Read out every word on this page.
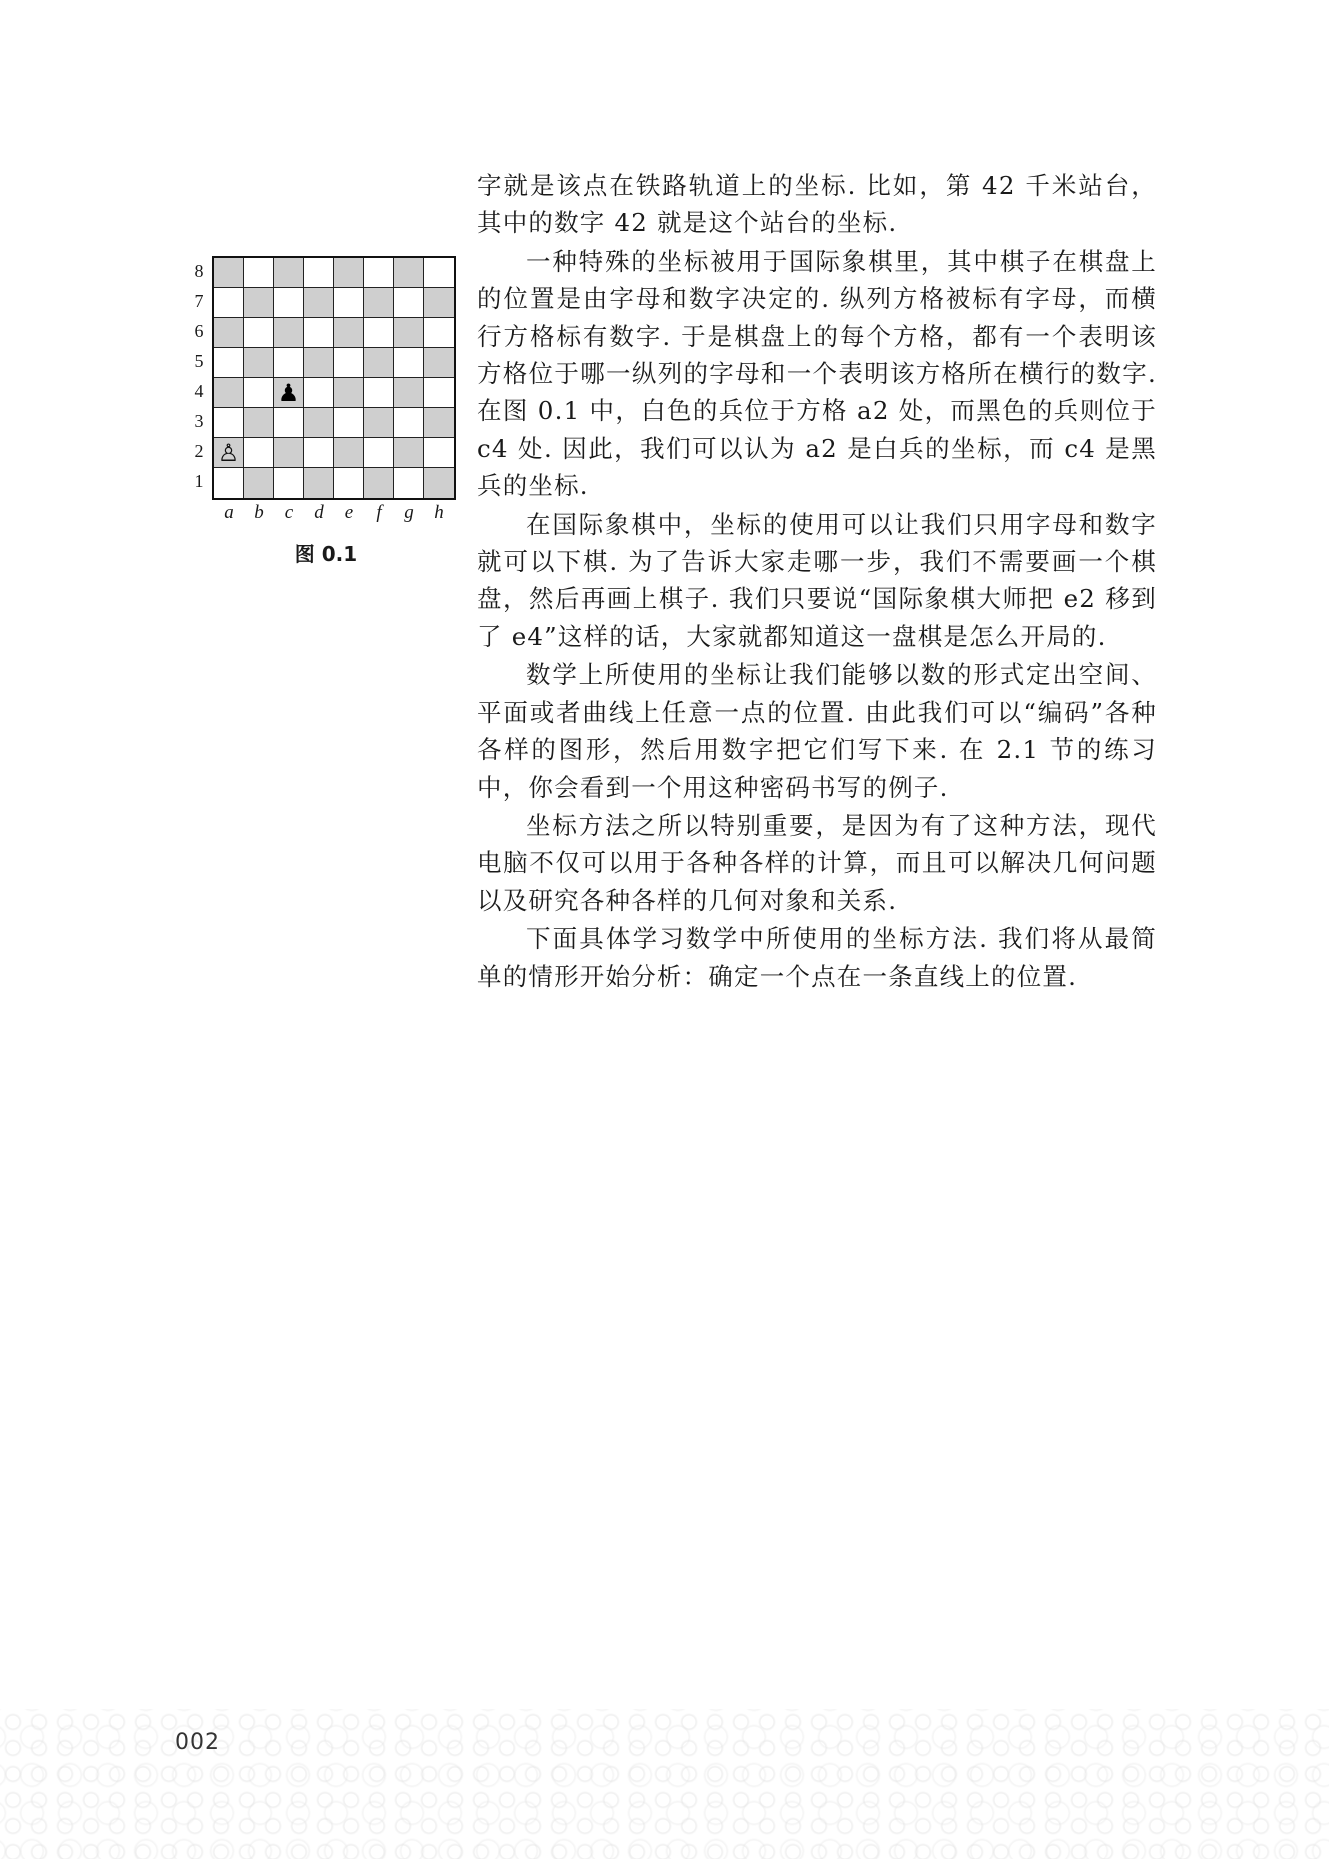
8
7
6
5
4
3
2
1
♟
♙
a	b	c	d	e	f	g	h
图 0.1

字就是该点在铁路轨道上的坐标. 比如，第 42 千米站台，其中的数字 42 就是这个站台的坐标.

一种特殊的坐标被用于国际象棋里，其中棋子在棋盘上的位置是由字母和数字决定的. 纵列方格被标有字母，而横行方格标有数字. 于是棋盘上的每个方格，都有一个表明该方格位于哪一纵列的字母和一个表明该方格所在横行的数字. 在图 0.1 中，白色的兵位于方格 a2 处，而黑色的兵则位于 c4 处. 因此，我们可以认为 a2 是白兵的坐标，而 c4 是黑兵的坐标.

在国际象棋中，坐标的使用可以让我们只用字母和数字就可以下棋. 为了告诉大家走哪一步，我们不需要画一个棋盘，然后再画上棋子. 我们只要说“国际象棋大师把 e2 移到了 e4”这样的话，大家就都知道这一盘棋是怎么开局的.

数学上所使用的坐标让我们能够以数的形式定出空间、平面或者曲线上任意一点的位置. 由此我们可以“编码”各种各样的图形，然后用数字把它们写下来. 在 2.1 节的练习中，你会看到一个用这种密码书写的例子.

坐标方法之所以特别重要，是因为有了这种方法，现代电脑不仅可以用于各种各样的计算，而且可以解决几何问题以及研究各种各样的几何对象和关系.

下面具体学习数学中所使用的坐标方法. 我们将从最简单的情形开始分析：确定一个点在一条直线上的位置.

002
